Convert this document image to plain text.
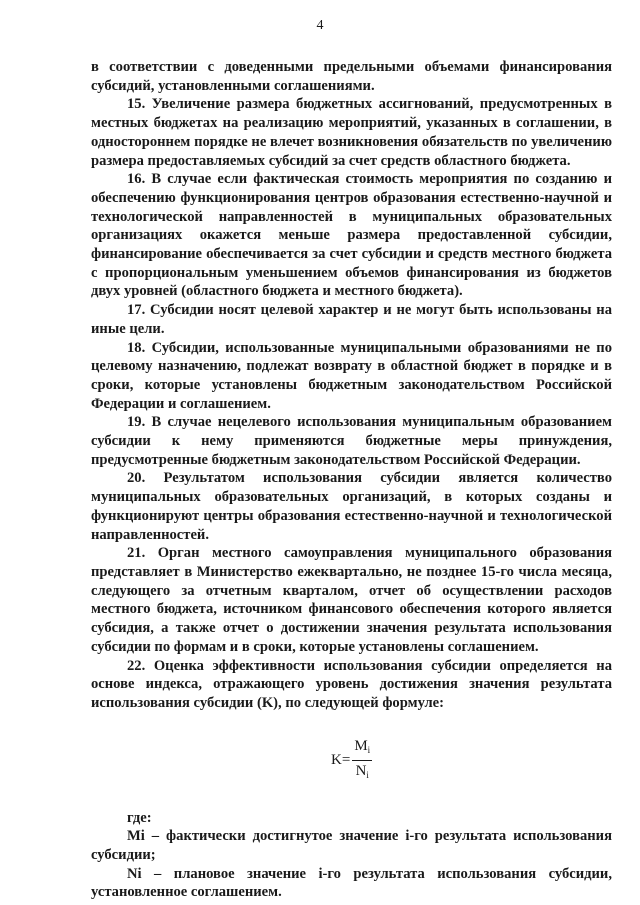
4

в соответствии с доведенными предельными объемами финансирования субсидий, установленными соглашениями.

15. Увеличение размера бюджетных ассигнований, предусмотренных в местных бюджетах на реализацию мероприятий, указанных в соглашении, в одностороннем порядке не влечет возникновения обязательств по увеличению размера предоставляемых субсидий за счет средств областного бюджета.

16. В случае если фактическая стоимость мероприятия по созданию и обеспечению функционирования центров образования естественно-научной и технологической направленностей в муниципальных образовательных организациях окажется меньше размера предоставленной субсидии, финансирование обеспечивается за счет субсидии и средств местного бюджета с пропорциональным уменьшением объемов финансирования из бюджетов двух уровней (областного бюджета и местного бюджета).

17. Субсидии носят целевой характер и не могут быть использованы на иные цели.

18. Субсидии, использованные муниципальными образованиями не по целевому назначению, подлежат возврату в областной бюджет в порядке и в сроки, которые установлены бюджетным законодательством Российской Федерации и соглашением.

19. В случае нецелевого использования муниципальным образованием субсидии к нему применяются бюджетные меры принуждения, предусмотренные бюджетным законодательством Российской Федерации.

20. Результатом использования субсидии является количество муниципальных образовательных организаций, в которых созданы и функционируют центры образования естественно-научной и технологической направленностей.

21. Орган местного самоуправления муниципального образования представляет в Министерство ежеквартально, не позднее 15-го числа месяца, следующего за отчетным кварталом, отчет об осуществлении расходов местного бюджета, источником финансового обеспечения которого является субсидия, а также отчет о достижении значения результата использования субсидии по формам и в сроки, которые установлены соглашением.

22. Оценка эффективности использования субсидии определяется на основе индекса, отражающего уровень достижения значения результата использования субсидии (K), по следующей формуле:

$K = \frac{M_i}{N_i}$

где:

Mi – фактически достигнутое значение i-го результата использования субсидии;

Ni – плановое значение i-го результата использования субсидии, установленное соглашением.
